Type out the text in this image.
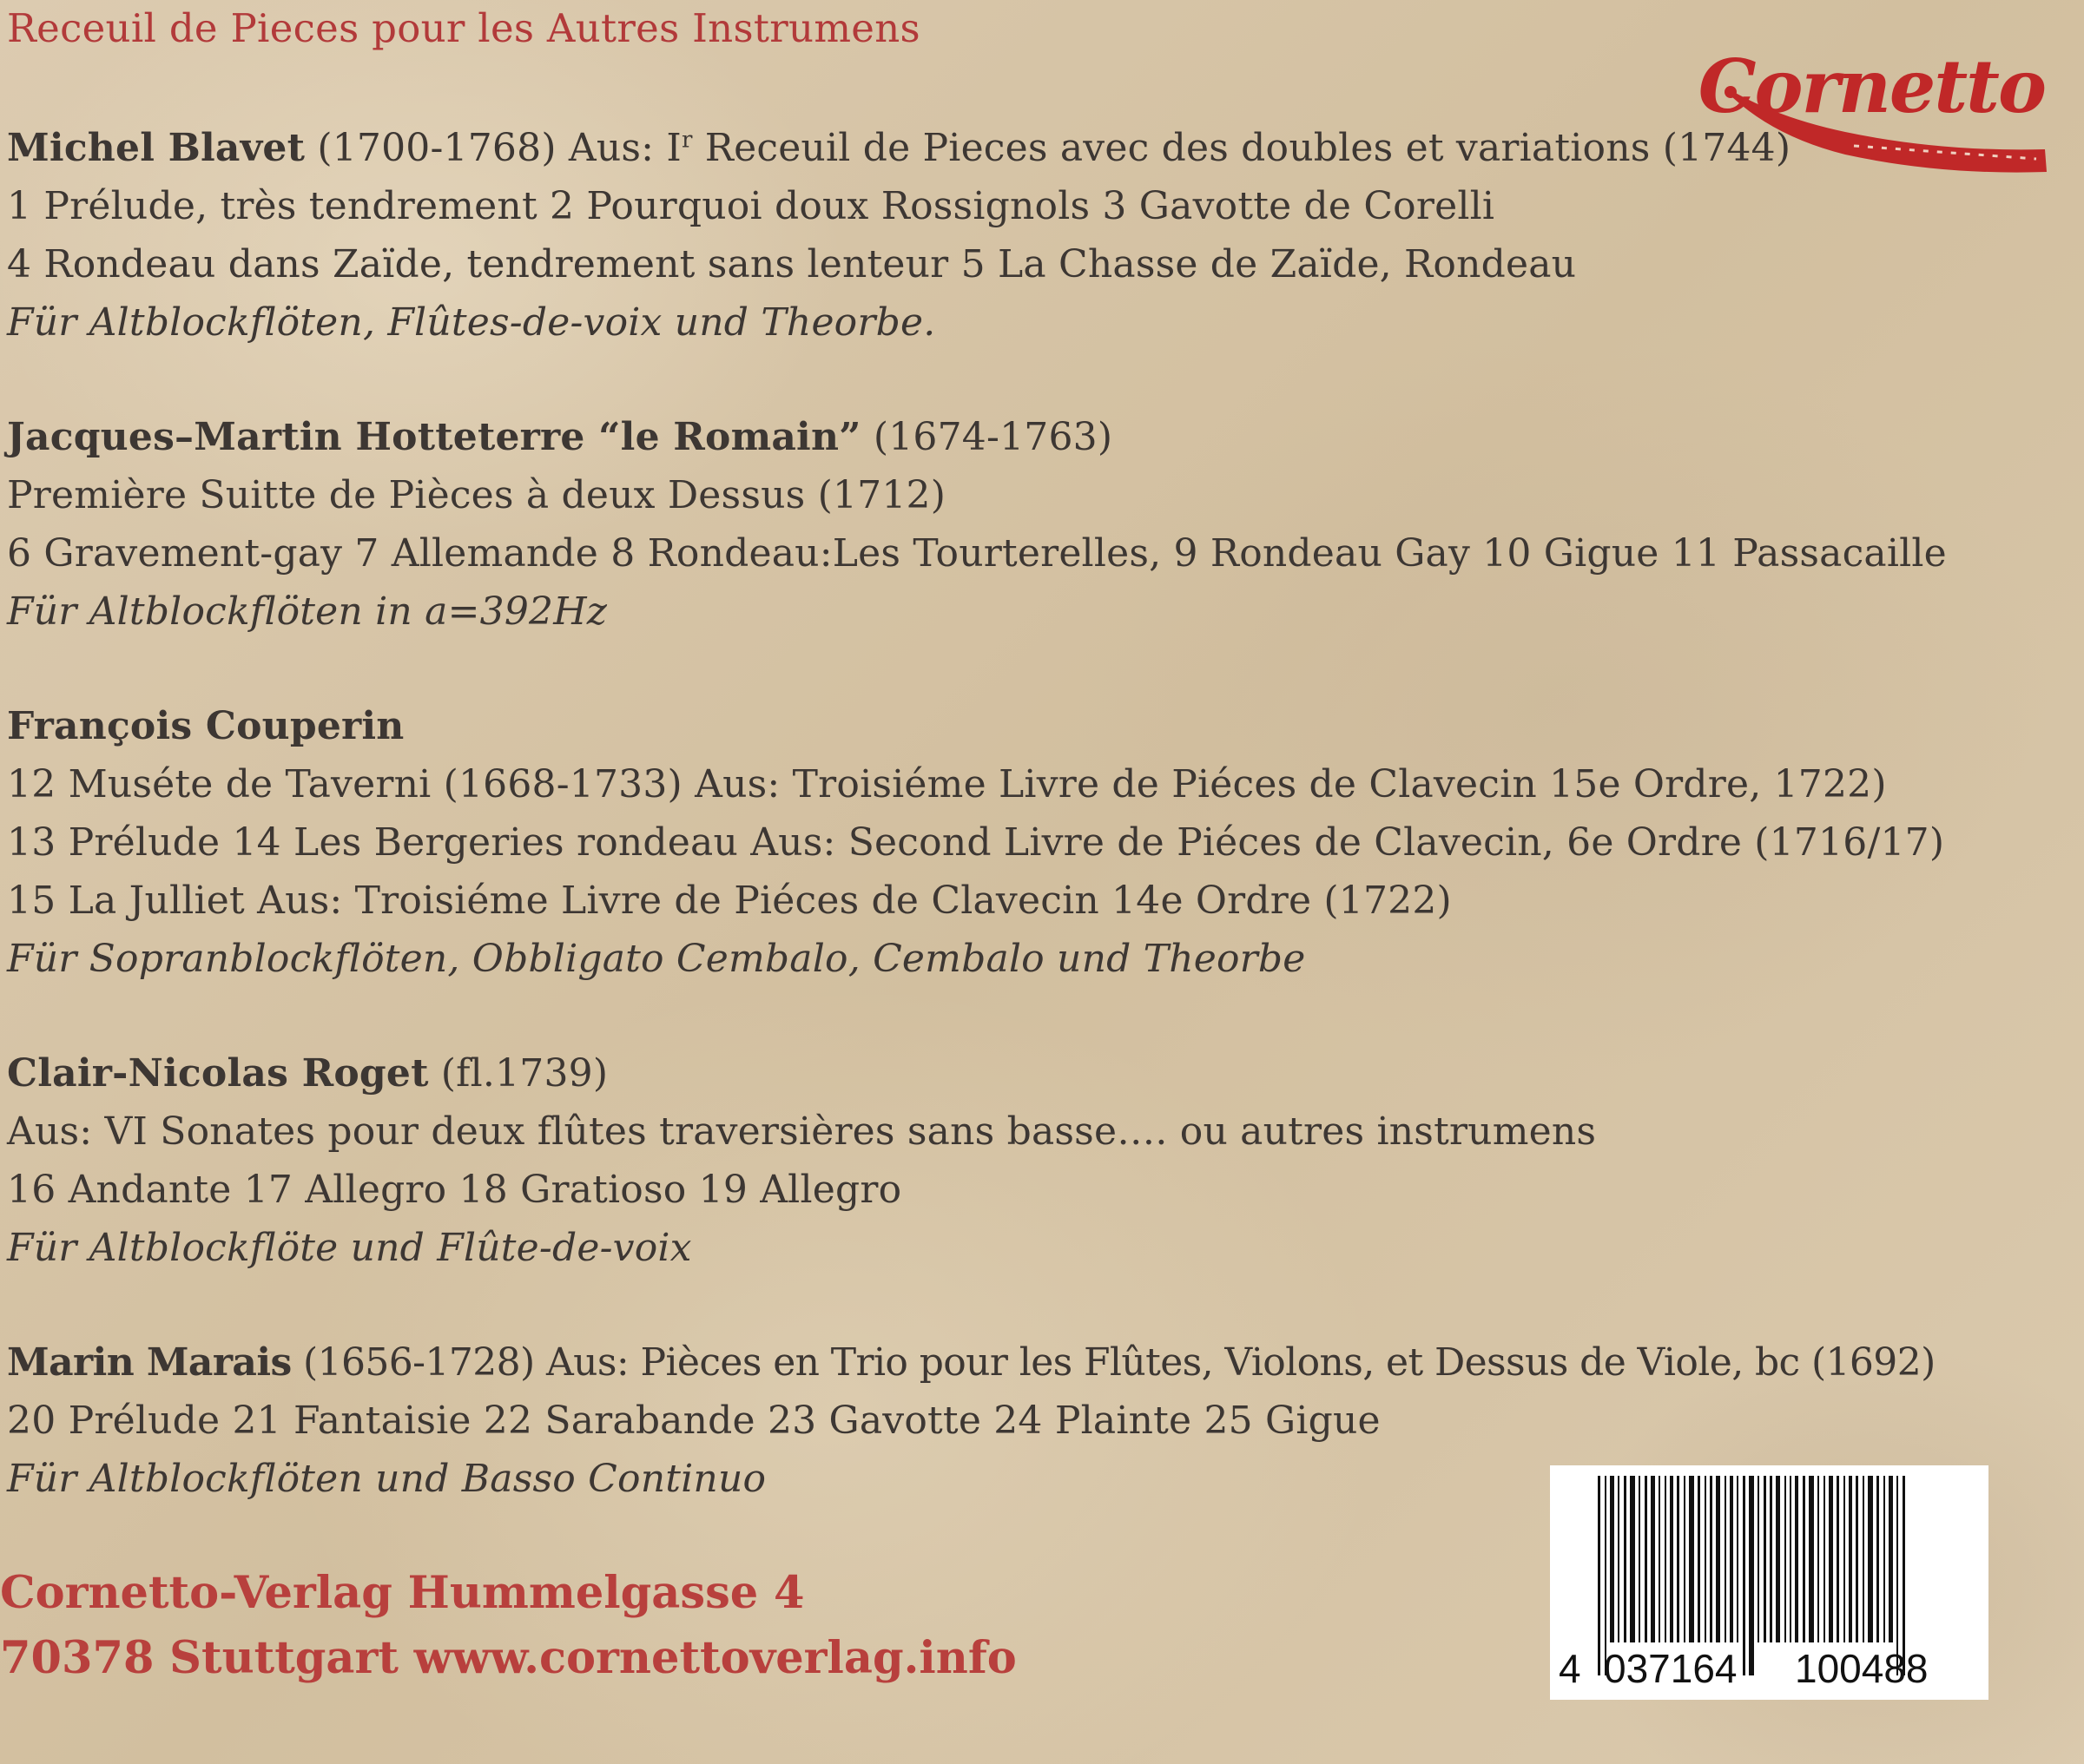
Receuil de Pieces pour les Autres Instrumens
Cornetto
Michel Blavet (1700-1768) Aus: $I^r$ Receuil de Pieces avec des doubles et variations (1744)
1 Prélude, très tendrement 2 Pourquoi doux Rossignols 3 Gavotte de Corelli
4 Rondeau dans Zaïde, tendrement sans lenteur 5 La Chasse de Zaïde, Rondeau
Für Altblockflöten, Flûtes-de-voix und Theorbe.
Jacques–Martin Hotteterre “le Romain” (1674-1763)
Première Suitte de Pièces à deux Dessus (1712)
6 Gravement-gay 7 Allemande 8 Rondeau:Les Tourterelles, 9 Rondeau Gay 10 Gigue 11 Passacaille
Für Altblockflöten in a=392Hz
François Couperin
12 Muséte de Taverni (1668-1733) Aus: Troisiéme Livre de Piéces de Clavecin 15e Ordre, 1722)
13 Prélude 14 Les Bergeries rondeau Aus: Second Livre de Piéces de Clavecin, 6e Ordre (1716/17)
15 La Julliet Aus: Troisiéme Livre de Piéces de Clavecin 14e Ordre (1722)
Für Sopranblockflöten, Obbligato Cembalo, Cembalo und Theorbe
Clair-Nicolas Roget (fl.1739)
Aus: VI Sonates pour deux flûtes traversières sans basse…. ou autres instrumens
16 Andante 17 Allegro 18 Gratioso 19 Allegro
Für Altblockflöte und Flûte-de-voix
Marin Marais (1656-1728) Aus: Pièces en Trio pour les Flûtes, Violons, et Dessus de Viole, bc (1692)
20 Prélude 21 Fantaisie 22 Sarabande 23 Gavotte 24 Plainte 25 Gigue
Für Altblockflöten und Basso Continuo
Cornetto-Verlag Hummelgasse 4
70378 Stuttgart www.cornettoverlag.info	4 037164 100488
